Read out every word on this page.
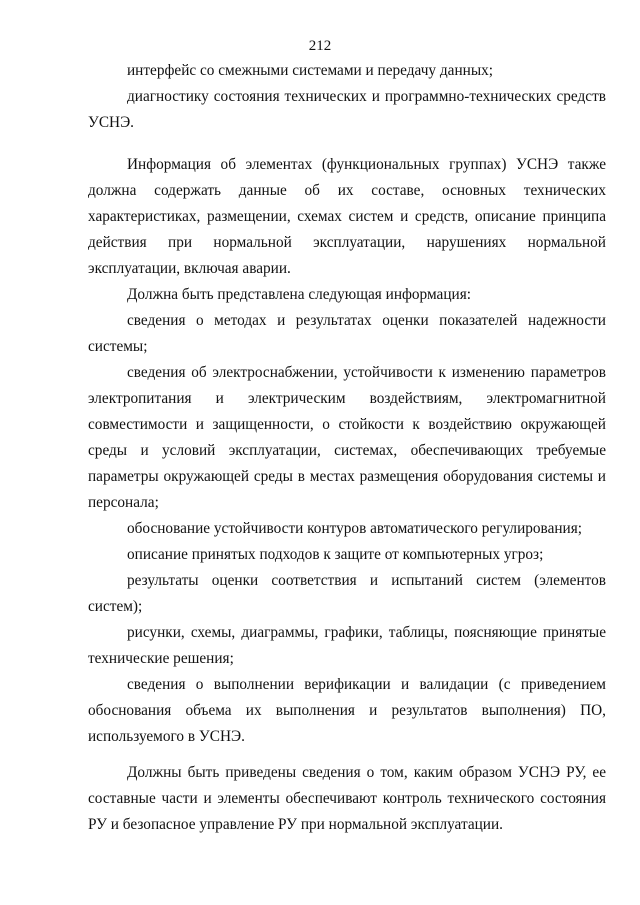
212

интерфейс со смежными системами и передачу данных;

диагностику состояния технических и программно-технических средств УСНЭ.

Информация об элементах (функциональных группах) УСНЭ также должна содержать данные об их составе, основных технических характеристиках, размещении, схемах систем и средств, описание принципа действия при нормальной эксплуатации, нарушениях нормальной эксплуатации, включая аварии.

Должна быть представлена следующая информация:

сведения о методах и результатах оценки показателей надежности системы;

сведения об электроснабжении, устойчивости к изменению параметров электропитания и электрическим воздействиям, электромагнитной совместимости и защищенности, о стойкости к воздействию окружающей среды и условий эксплуатации, системах, обеспечивающих требуемые параметры окружающей среды в местах размещения оборудования системы и персонала;

обоснование устойчивости контуров автоматического регулирования;

описание принятых подходов к защите от компьютерных угроз;

результаты оценки соответствия и испытаний систем (элементов систем);

рисунки, схемы, диаграммы, графики, таблицы, поясняющие принятые технические решения;

сведения о выполнении верификации и валидации (с приведением обоснования объема их выполнения и результатов выполнения) ПО, используемого в УСНЭ.

Должны быть приведены сведения о том, каким образом УСНЭ РУ, ее составные части и элементы обеспечивают контроль технического состояния РУ и безопасное управление РУ при нормальной эксплуатации.
